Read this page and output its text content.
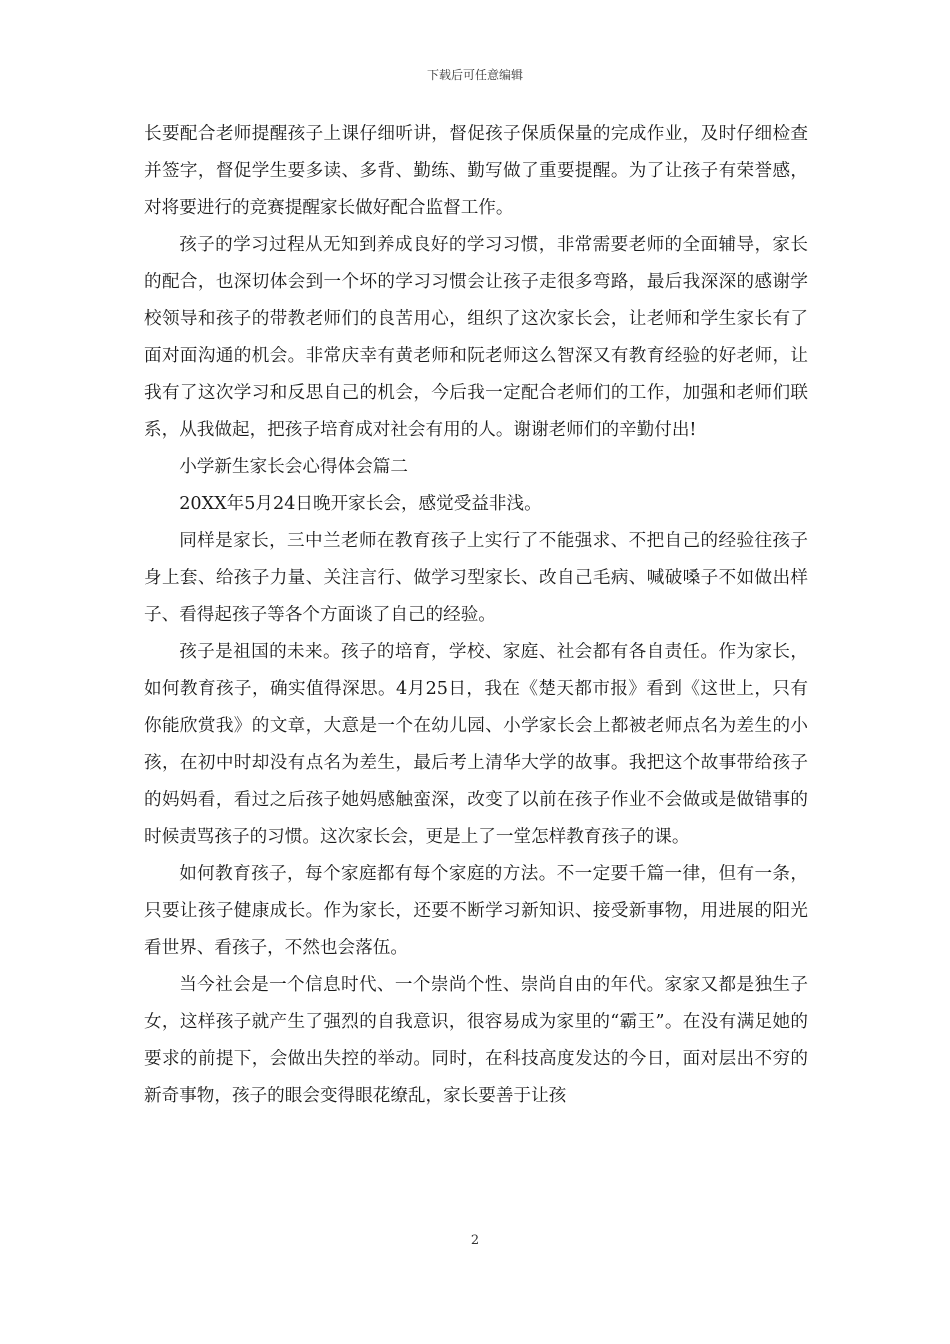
下载后可任意编辑

长要配合老师提醒孩子上课仔细听讲，督促孩子保质保量的完成作业，及时仔细检查并签字，督促学生要多读、多背、勤练、勤写做了重要提醒。为了让孩子有荣誉感，对将要进行的竞赛提醒家长做好配合监督工作。

孩子的学习过程从无知到养成良好的学习习惯，非常需要老师的全面辅导，家长的配合，也深切体会到一个坏的学习习惯会让孩子走很多弯路，最后我深深的感谢学校领导和孩子的带教老师们的良苦用心，组织了这次家长会，让老师和学生家长有了面对面沟通的机会。非常庆幸有黄老师和阮老师这么智深又有教育经验的好老师，让我有了这次学习和反思自己的机会，今后我一定配合老师们的工作，加强和老师们联系，从我做起，把孩子培育成对社会有用的人。谢谢老师们的辛勤付出!

小学新生家长会心得体会篇二

20XX年5月24日晚开家长会，感觉受益非浅。

同样是家长，三中兰老师在教育孩子上实行了不能强求、不把自己的经验往孩子身上套、给孩子力量、关注言行、做学习型家长、改自己毛病、喊破嗓子不如做出样子、看得起孩子等各个方面谈了自己的经验。

孩子是祖国的未来。孩子的培育，学校、家庭、社会都有各自责任。作为家长，如何教育孩子，确实值得深思。4月25日，我在《楚天都市报》看到《这世上，只有你能欣赏我》的文章，大意是一个在幼儿园、小学家长会上都被老师点名为差生的小孩，在初中时却没有点名为差生，最后考上清华大学的故事。我把这个故事带给孩子的妈妈看，看过之后孩子她妈感触蛮深，改变了以前在孩子作业不会做或是做错事的时候责骂孩子的习惯。这次家长会，更是上了一堂怎样教育孩子的课。

如何教育孩子，每个家庭都有每个家庭的方法。不一定要千篇一律，但有一条，只要让孩子健康成长。作为家长，还要不断学习新知识、接受新事物，用进展的阳光看世界、看孩子，不然也会落伍。

当今社会是一个信息时代、一个崇尚个性、崇尚自由的年代。家家又都是独生子女，这样孩子就产生了强烈的自我意识，很容易成为家里的“霸王”。在没有满足她的要求的前提下，会做出失控的举动。同时，在科技高度发达的今日，面对层出不穷的新奇事物，孩子的眼会变得眼花缭乱，家长要善于让孩

2
